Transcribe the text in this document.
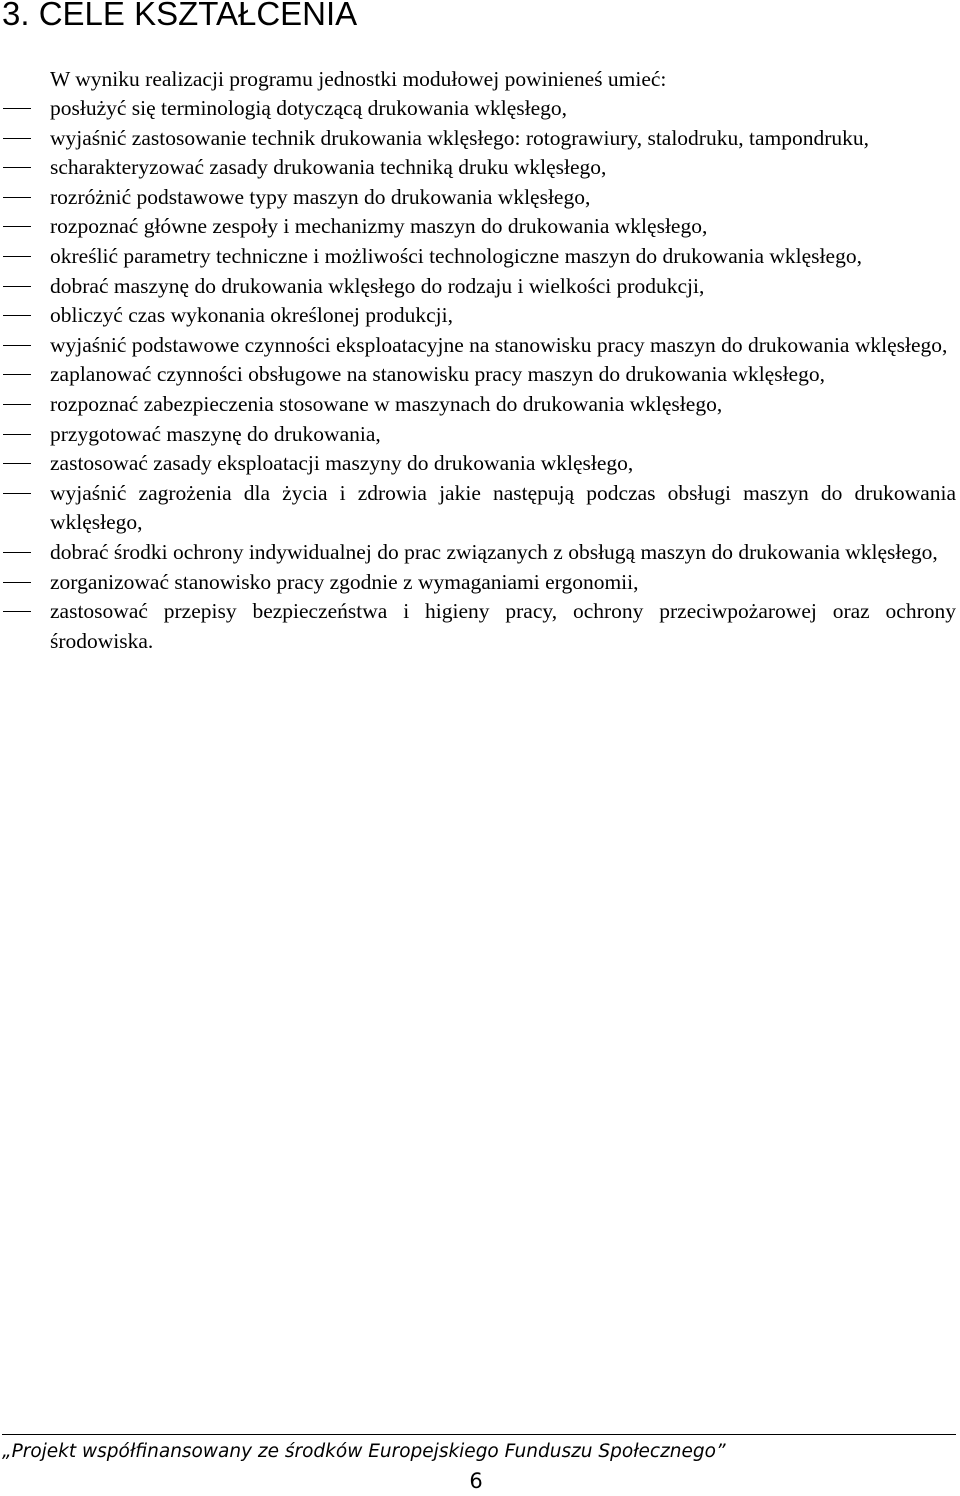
3. CELE KSZTAŁCENIA

W wyniku realizacji programu jednostki modułowej powinieneś umieć:

posłużyć się terminologią dotyczącą drukowania wklęsłego,
wyjaśnić zastosowanie technik drukowania wklęsłego: rotograwiury, stalodruku, tampondruku,
scharakteryzować zasady drukowania techniką druku wklęsłego,
rozróżnić podstawowe typy maszyn do drukowania wklęsłego,
rozpoznać główne zespoły i mechanizmy maszyn do drukowania wklęsłego,
określić parametry techniczne i możliwości technologiczne maszyn do drukowania wklęsłego,
dobrać maszynę do drukowania wklęsłego do rodzaju i wielkości produkcji,
obliczyć czas wykonania określonej produkcji,
wyjaśnić podstawowe czynności eksploatacyjne na stanowisku pracy maszyn do drukowania wklęsłego,
zaplanować czynności obsługowe na stanowisku pracy maszyn do drukowania wklęsłego,
rozpoznać zabezpieczenia stosowane w maszynach do drukowania wklęsłego,
przygotować maszynę do drukowania,
zastosować zasady eksploatacji maszyny do drukowania wklęsłego,
wyjaśnić zagrożenia dla życia i zdrowia jakie następują podczas obsługi maszyn do drukowania wklęsłego,
dobrać środki ochrony indywidualnej do prac związanych z obsługą maszyn do drukowania wklęsłego,
zorganizować stanowisko pracy zgodnie z wymaganiami ergonomii,
zastosować przepisy bezpieczeństwa i higieny pracy, ochrony przeciwpożarowej oraz ochrony środowiska.

„Projekt współfinansowany ze środków Europejskiego Funduszu Społecznego”

6
